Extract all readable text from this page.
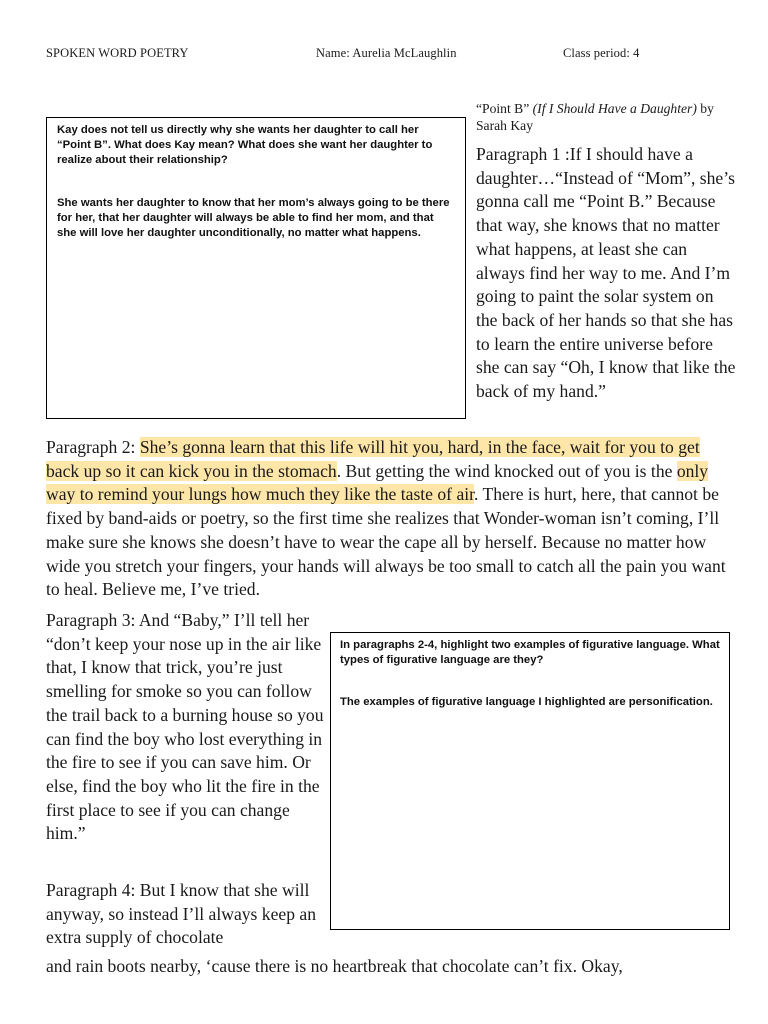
SPOKEN WORD POETRY	Name: Aurelia McLaughlin	Class period: 4

Kay does not tell us directly why she wants her daughter to call her “Point B”. What does Kay mean? What does she want her daughter to realize about their relationship?

She wants her daughter to know that her mom’s always going to be there for her, that her daughter will always be able to find her mom, and that she will love her daughter unconditionally, no matter what happens.

“Point B” (If I Should Have a Daughter) by Sarah Kay

Paragraph 1 :If I should have a daughter…“Instead of “Mom”, she’s gonna call me “Point B.” Because that way, she knows that no matter what happens, at least she can always find her way to me. And I’m going to paint the solar system on the back of her hands so that she has to learn the entire universe before she can say “Oh, I know that like the back of my hand.”

Paragraph 2: She’s gonna learn that this life will hit you, hard, in the face, wait for you to get back up so it can kick you in the stomach. But getting the wind knocked out of you is the only way to remind your lungs how much they like the taste of air. There is hurt, here, that cannot be fixed by band-aids or poetry, so the first time she realizes that Wonder-woman isn’t coming, I’ll make sure she knows she doesn’t have to wear the cape all by herself. Because no matter how wide you stretch your fingers, your hands will always be too small to catch all the pain you want to heal. Believe me, I’ve tried.

Paragraph 3: And “Baby,” I’ll tell her “don’t keep your nose up in the air like that, I know that trick, you’re just smelling for smoke so you can follow the trail back to a burning house so you can find the boy who lost everything in the fire to see if you can save him. Or else, find the boy who lit the fire in the first place to see if you can change him.”

Paragraph 4: But I know that she will anyway, so instead I’ll always keep an extra supply of chocolate

and rain boots nearby, ‘cause there is no heartbreak that chocolate can’t fix. Okay,

In paragraphs 2-4, highlight two examples of figurative language. What types of figurative language are they?

The examples of figurative language I highlighted are personification.
